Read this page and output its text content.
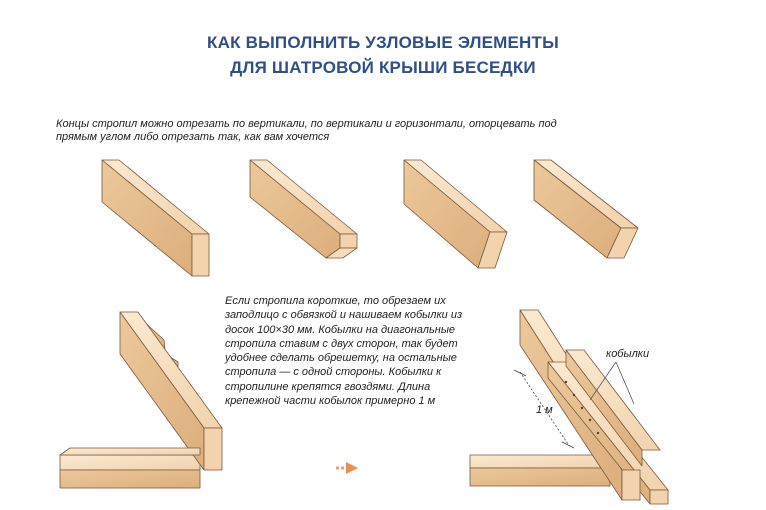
КАК ВЫПОЛНИТЬ УЗЛОВЫЕ ЭЛЕМЕНТЫ
ДЛЯ ШАТРОВОЙ КРЫШИ БЕСЕДКИ
Концы стропил можно отрезать по вертикали, по вертикали и горизонтали, оторцевать под
прямым углом либо отрезать так, как вам хочется
Если стропила короткие, то обрезаем их
заподлицо с обвязкой и нашиваем кобылки из
досок 100×30 мм. Кобылки на диагональные
стропила ставим с двух сторон, так будет
удобнее сделать обрешетку, на остальные
стропила — с одной стороны. Кобылки к
стропилине крепятся гвоздями. Длина
крепежной части кобылок примерно 1 м
кобылки
1 м
